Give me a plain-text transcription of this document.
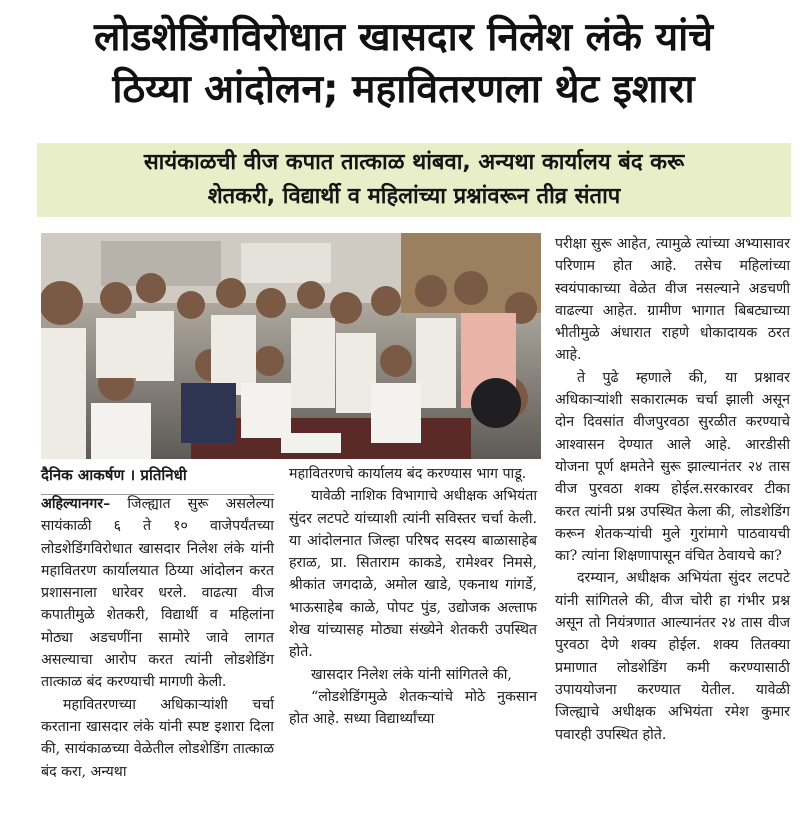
लोडशेडिंगविरोधात खासदार निलेश लंके यांचे
ठिय्या आंदोलन; महावितरणला थेट इशारा
सायंकाळची वीज कपात तात्काळ थांबवा, अन्यथा कार्यालय बंद करू
शेतकरी, विद्यार्थी व महिलांच्या प्रश्नांवरून तीव्र संताप

दैनिक आकर्षण । प्रतिनिधी

अहिल्यानगर– जिल्ह्यात सुरू असलेल्या सायंकाळी ६ ते १० वाजेपर्यंतच्या लोडशेडिंगविरोधात खासदार निलेश लंके यांनी महावितरण कार्यालयात ठिय्या आंदोलन करत प्रशासनाला धारेवर धरले. वाढत्या वीज कपातीमुळे शेतकरी, विद्यार्थी व महिलांना मोठ्या अडचणींना सामोरे जावे लागत असल्याचा आरोप करत त्यांनी लोडशेडिंग तात्काळ बंद करण्याची मागणी केली.

महावितरणच्या अधिकाऱ्यांशी चर्चा करताना खासदार लंके यांनी स्पष्ट इशारा दिला की, सायंकाळच्या वेळेतील लोडशेडिंग तात्काळ बंद करा, अन्यथा

महावितरणचे कार्यालय बंद करण्यास भाग पाडू.

यावेळी नाशिक विभागाचे अधीक्षक अभियंता सुंदर लटपटे यांच्याशी त्यांनी सविस्तर चर्चा केली. या आंदोलनात जिल्हा परिषद सदस्य बाळासाहेब हराळ, प्रा. सिताराम काकडे, रामेश्वर निमसे, श्रीकांत जगदाळे, अमोल खाडे, एकनाथ गांगर्डे, भाऊसाहेब काळे, पोपट पुंड, उद्योजक अल्ताफ शेख यांच्यासह मोठ्या संख्येने शेतकरी उपस्थित होते.

खासदार निलेश लंके यांनी सांगितले की,

“लोडशेडिंगमुळे शेतकऱ्यांचे मोठे नुकसान होत आहे. सध्या विद्यार्थ्यांच्या

परीक्षा सुरू आहेत, त्यामुळे त्यांच्या अभ्यासावर परिणाम होत आहे. तसेच महिलांच्या स्वयंपाकाच्या वेळेत वीज नसल्याने अडचणी वाढल्या आहेत. ग्रामीण भागात बिबट्याच्या भीतीमुळे अंधारात राहणे धोकादायक ठरत आहे.

ते पुढे म्हणाले की, या प्रश्नावर अधिकाऱ्यांशी सकारात्मक चर्चा झाली असून दोन दिवसांत वीजपुरवठा सुरळीत करण्याचे आश्वासन देण्यात आले आहे. आरडीसी योजना पूर्ण क्षमतेने सुरू झाल्यानंतर २४ तास वीज पुरवठा शक्य होईल.सरकारवर टीका करत त्यांनी प्रश्न उपस्थित केला की, लोडशेडिंग करून शेतकऱ्यांची मुले गुरांमागे पाठवायची का? त्यांना शिक्षणापासून वंचित ठेवायचे का?

दरम्यान, अधीक्षक अभियंता सुंदर लटपटे यांनी सांगितले की, वीज चोरी हा गंभीर प्रश्न असून तो नियंत्रणात आल्यानंतर २४ तास वीज पुरवठा देणे शक्य होईल. शक्य तितक्या प्रमाणात लोडशेडिंग कमी करण्यासाठी उपाययोजना करण्यात येतील. यावेळी जिल्ह्याचे अधीक्षक अभियंता रमेश कुमार पवारही उपस्थित होते.
